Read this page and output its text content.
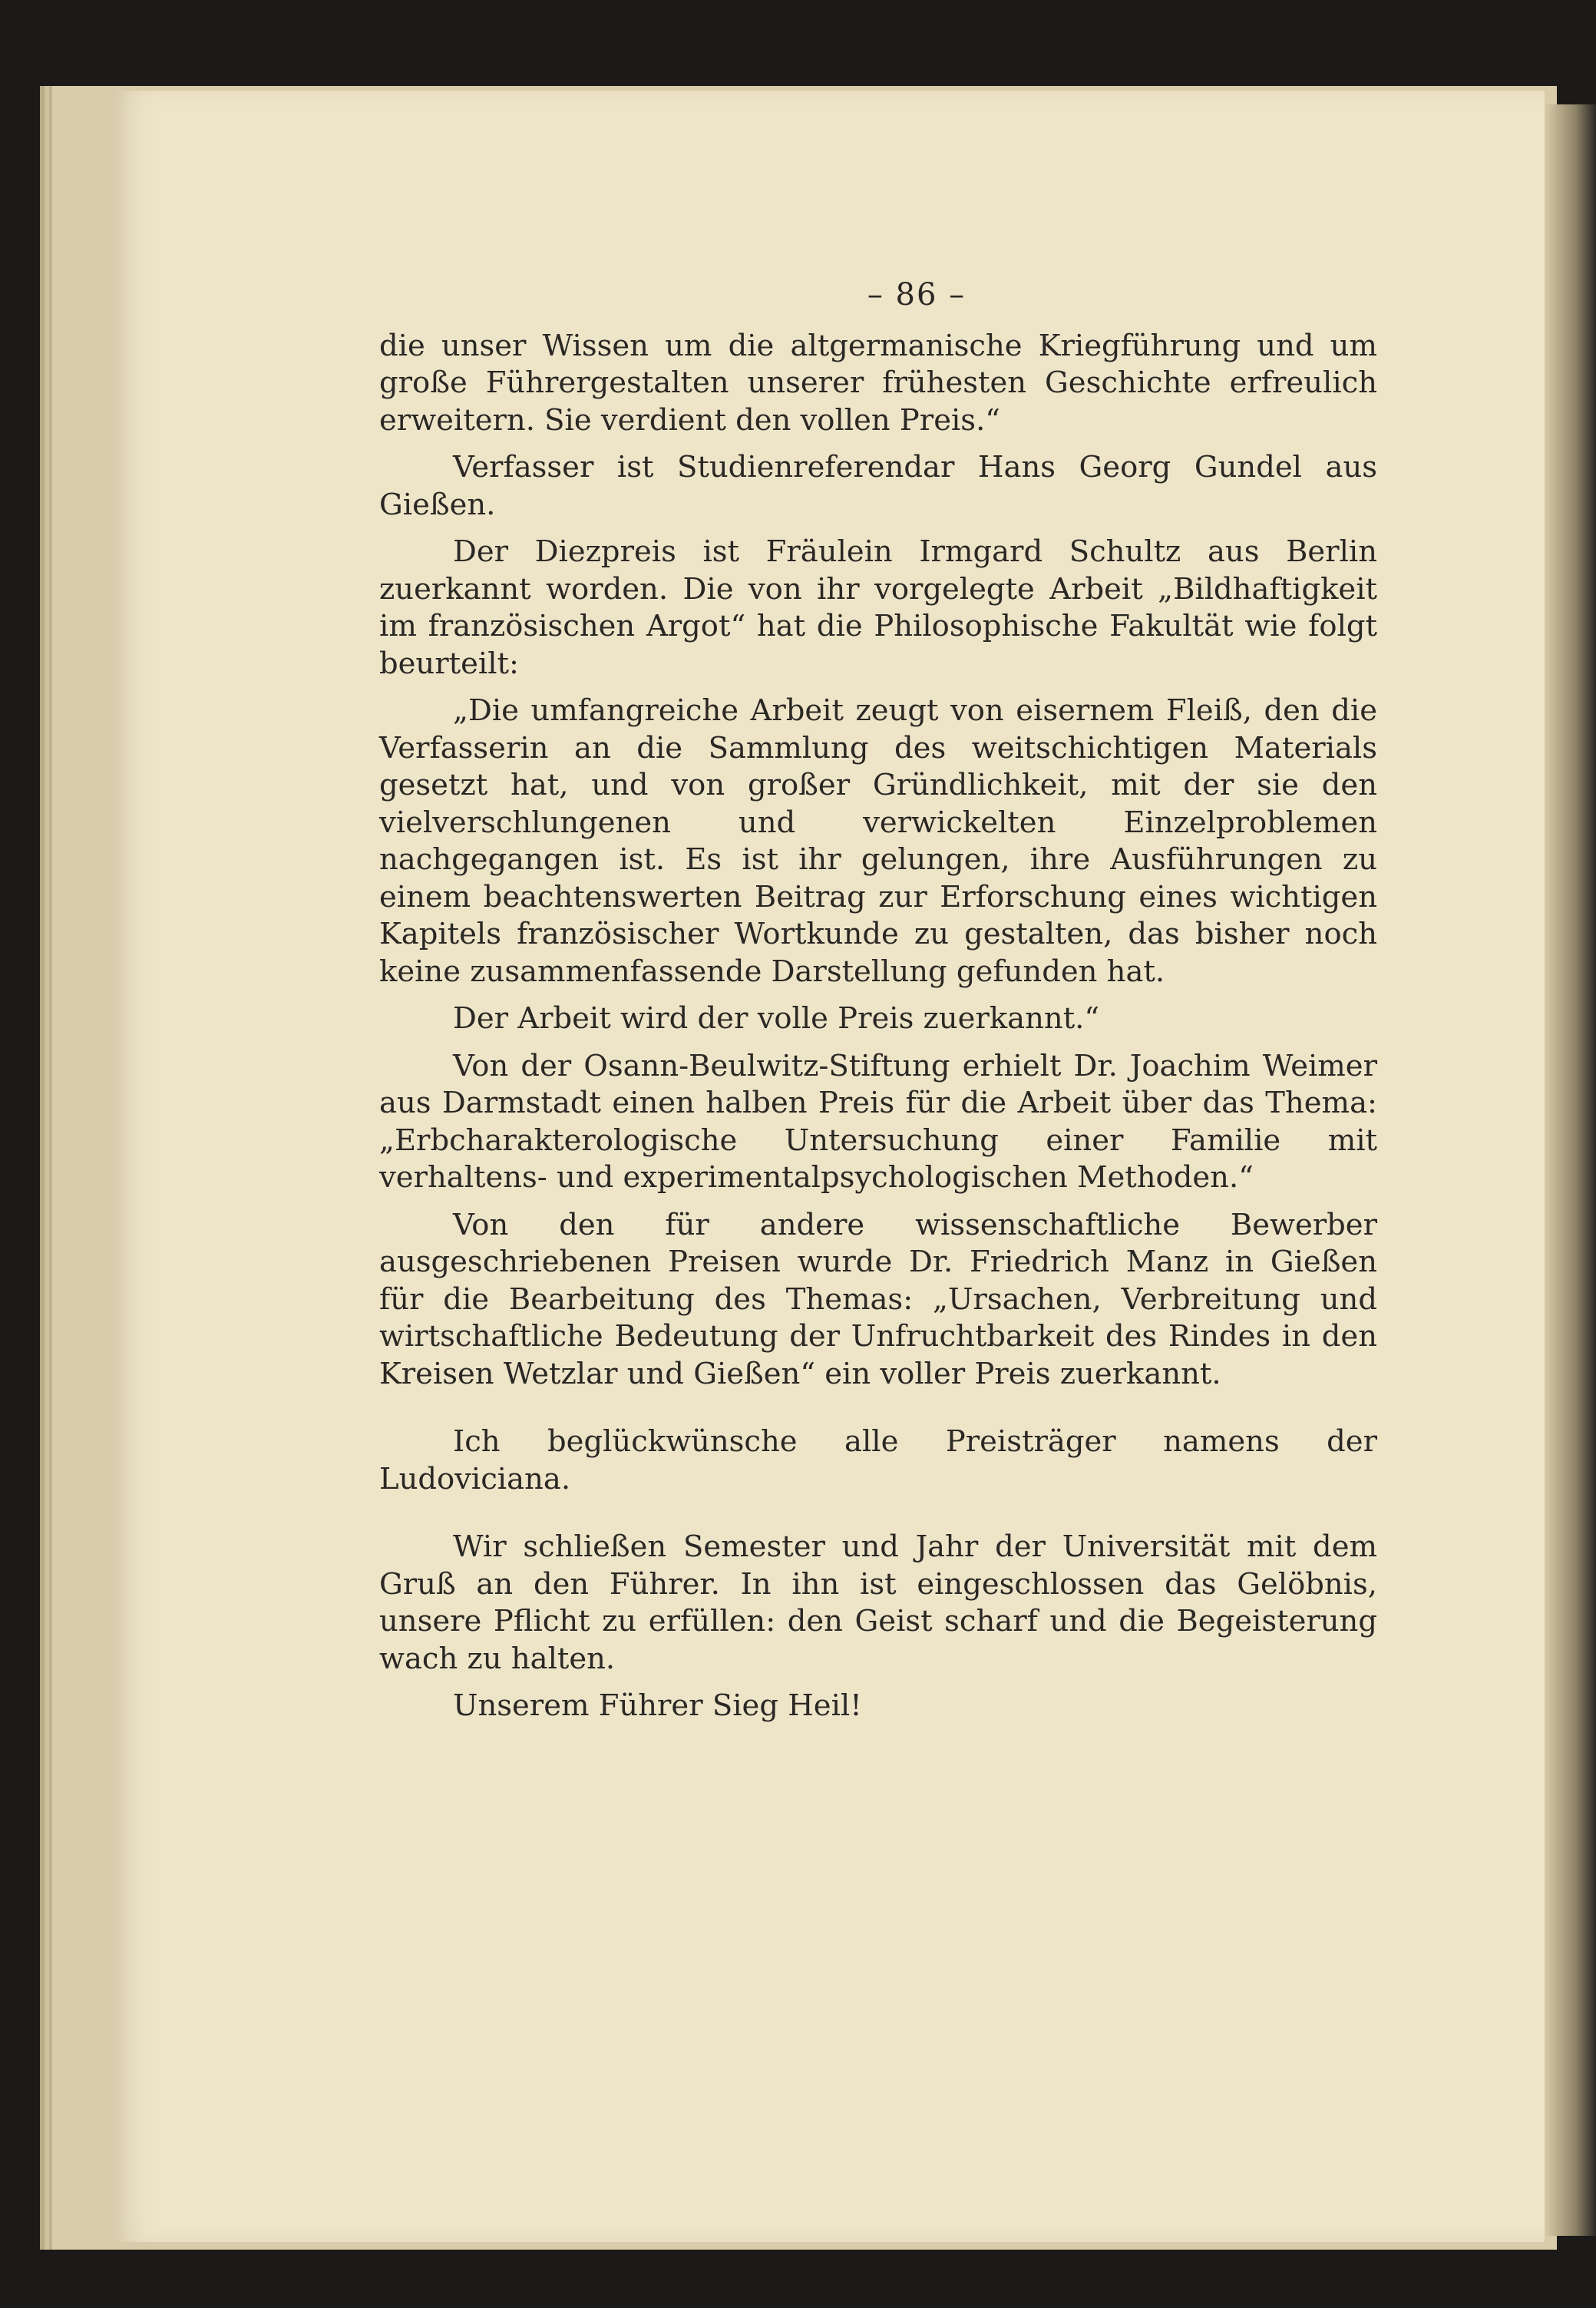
– 86 –

die unser Wissen um die altgermanische Kriegführung und um große Führergestalten unserer frühesten Geschichte erfreulich erweitern. Sie verdient den vollen Preis.“

Verfasser ist Studienreferendar Hans Georg Gundel aus Gießen.

Der Diezpreis ist Fräulein Irmgard Schultz aus Berlin zuerkannt worden. Die von ihr vorgelegte Arbeit „Bildhaftigkeit im französischen Argot“ hat die Philosophische Fakultät wie folgt beurteilt:

„Die umfangreiche Arbeit zeugt von eisernem Fleiß, den die Verfasserin an die Sammlung des weitschichtigen Materials gesetzt hat, und von großer Gründlichkeit, mit der sie den vielverschlungenen und verwickelten Einzelproblemen nachgegangen ist. Es ist ihr gelungen, ihre Ausführungen zu einem beachtenswerten Beitrag zur Erforschung eines wichtigen Kapitels französischer Wortkunde zu gestalten, das bisher noch keine zusammenfassende Darstellung gefunden hat.

Der Arbeit wird der volle Preis zuerkannt.“

Von der Osann-Beulwitz-Stiftung erhielt Dr. Joachim Weimer aus Darmstadt einen halben Preis für die Arbeit über das Thema: „Erbcharakterologische Untersuchung einer Familie mit verhaltens- und experimentalpsychologischen Methoden.“

Von den für andere wissenschaftliche Bewerber ausgeschriebenen Preisen wurde Dr. Friedrich Manz in Gießen für die Bearbeitung des Themas: „Ursachen, Verbreitung und wirtschaftliche Bedeutung der Unfruchtbarkeit des Rindes in den Kreisen Wetzlar und Gießen“ ein voller Preis zuerkannt.

Ich beglückwünsche alle Preisträger namens der Ludoviciana.

Wir schließen Semester und Jahr der Universität mit dem Gruß an den Führer. In ihn ist eingeschlossen das Gelöbnis, unsere Pflicht zu erfüllen: den Geist scharf und die Begeisterung wach zu halten.

Unserem Führer Sieg Heil!
